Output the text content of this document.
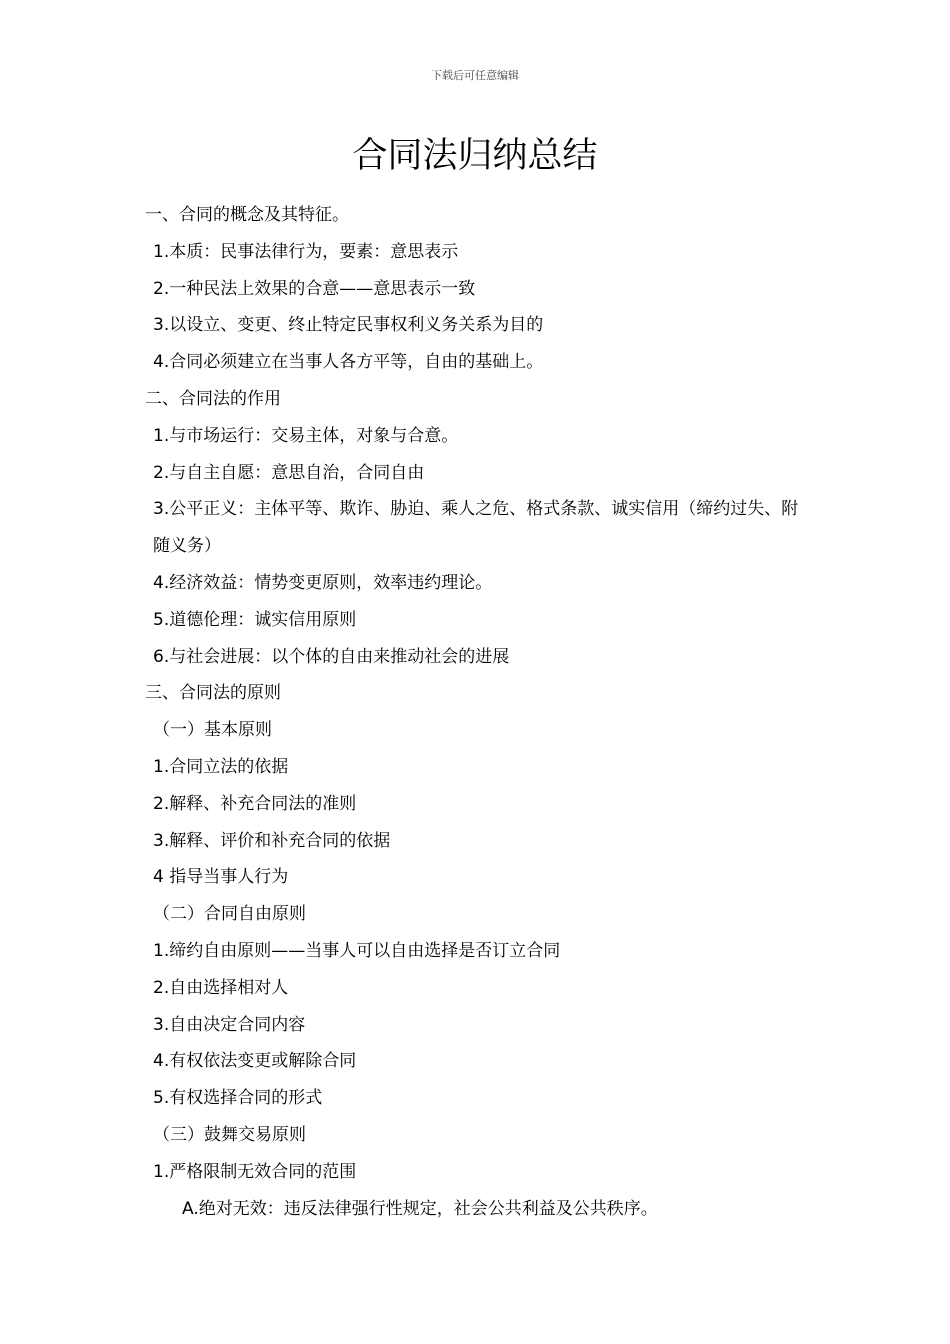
下载后可任意编辑
合同法归纳总结
一、合同的概念及其特征。
1.本质：民事法律行为，要素：意思表示
2.一种民法上效果的合意——意思表示一致
3.以设立、变更、终止特定民事权利义务关系为目的
4.合同必须建立在当事人各方平等，自由的基础上。
二、合同法的作用
1.与市场运行：交易主体，对象与合意。
2.与自主自愿：意思自治，合同自由
3.公平正义：主体平等、欺诈、胁迫、乘人之危、格式条款、诚实信用（缔约过失、附随义务）
4.经济效益：情势变更原则，效率违约理论。
5.道德伦理：诚实信用原则
6.与社会进展：以个体的自由来推动社会的进展
三、合同法的原则
（一）基本原则
1.合同立法的依据
2.解释、补充合同法的准则
3.解释、评价和补充合同的依据
4 指导当事人行为
（二）合同自由原则
1.缔约自由原则——当事人可以自由选择是否订立合同
2.自由选择相对人
3.自由决定合同内容
4.有权依法变更或解除合同
5.有权选择合同的形式
（三）鼓舞交易原则
1.严格限制无效合同的范围
A.绝对无效：违反法律强行性规定，社会公共利益及公共秩序。
